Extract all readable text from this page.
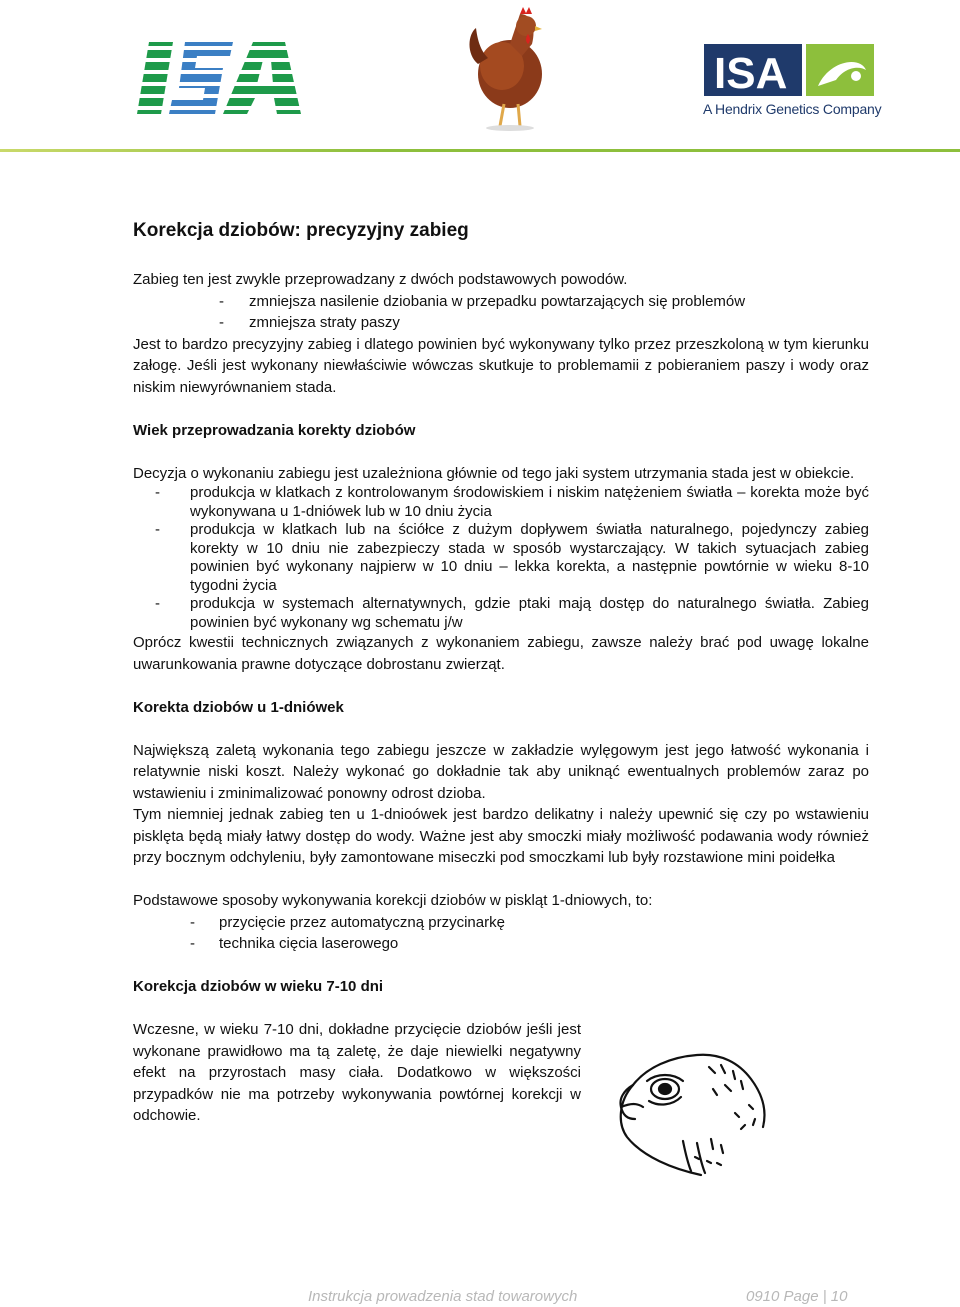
ISA
A Hendrix Genetics Company
Korekcja dziobów: precyzyjny zabieg

Zabieg ten jest zwykle przeprowadzany z dwóch podstawowych powodów.

- zmniejsza nasilenie dziobania w przepadku powtarzających się problemów
- zmniejsza straty paszy

Jest to bardzo precyzyjny zabieg i dlatego powinien być wykonywany tylko przez przeszkoloną w tym kierunku załogę. Jeśli jest wykonany niewłaściwie wówczas skutkuje to problemamii z pobieraniem paszy i wody oraz niskim niewyrównaniem stada.

Wiek przeprowadzania korekty dziobów

Decyzja o wykonaniu zabiegu jest uzależniona głównie od tego jaki system utrzymania stada jest w obiekcie.

- produkcja w klatkach z kontrolowanym środowiskiem i niskim natężeniem światła – korekta może być wykonywana u 1-dniówek lub w 10 dniu życia
- produkcja w klatkach lub na ściółce z dużym dopływem światła naturalnego, pojedynczy zabieg korekty w 10 dniu nie zabezpieczy stada w sposób wystarczający. W takich sytuacjach zabieg powinien być wykonany najpierw w 10 dniu – lekka korekta, a następnie powtórnie w wieku 8-10 tygodni życia
- produkcja w systemach alternatywnych, gdzie ptaki mają dostęp do naturalnego światła. Zabieg powinien być wykonany wg schematu j/w

Oprócz kwestii technicznych związanych z wykonaniem zabiegu, zawsze należy brać pod uwagę lokalne uwarunkowania prawne dotyczące dobrostanu zwierząt.

Korekta dziobów u 1-dniówek

Największą zaletą wykonania tego zabiegu jeszcze w zakładzie wylęgowym jest jego łatwość wykonania i relatywnie niski koszt. Należy wykonać go dokładnie tak aby uniknąć ewentualnych problemów zaraz po wstawieniu i zminimalizować ponowny odrost dzioba.

Tym niemniej jednak zabieg ten u 1-dnioówek jest bardzo delikatny i należy upewnić się czy po wstawieniu pisklęta będą miały łatwy dostęp do wody. Ważne jest aby smoczki miały możliwość podawania wody również przy bocznym odchyleniu, były zamontowane miseczki pod smoczkami lub były rozstawione mini poidełka

Podstawowe sposoby wykonywania korekcji dziobów w piskląt 1-dniowych, to:

- przycięcie przez automatyczną przycinarkę
- technika cięcia laserowego
Korekcja dziobów w wieku 7-10 dni

Wczesne, w wieku 7-10 dni, dokładne przycięcie dziobów jeśli jest wykonane prawidłowo ma tą zaletę, że daje niewielki negatywny efekt na przyrostach masy ciała. Dodatkowo w większości przypadków nie ma potrzeby wykonywania powtórnej korekcji w odchowie.

Instrukcja prowadzenia stad towarowych	0910 Page | 10
